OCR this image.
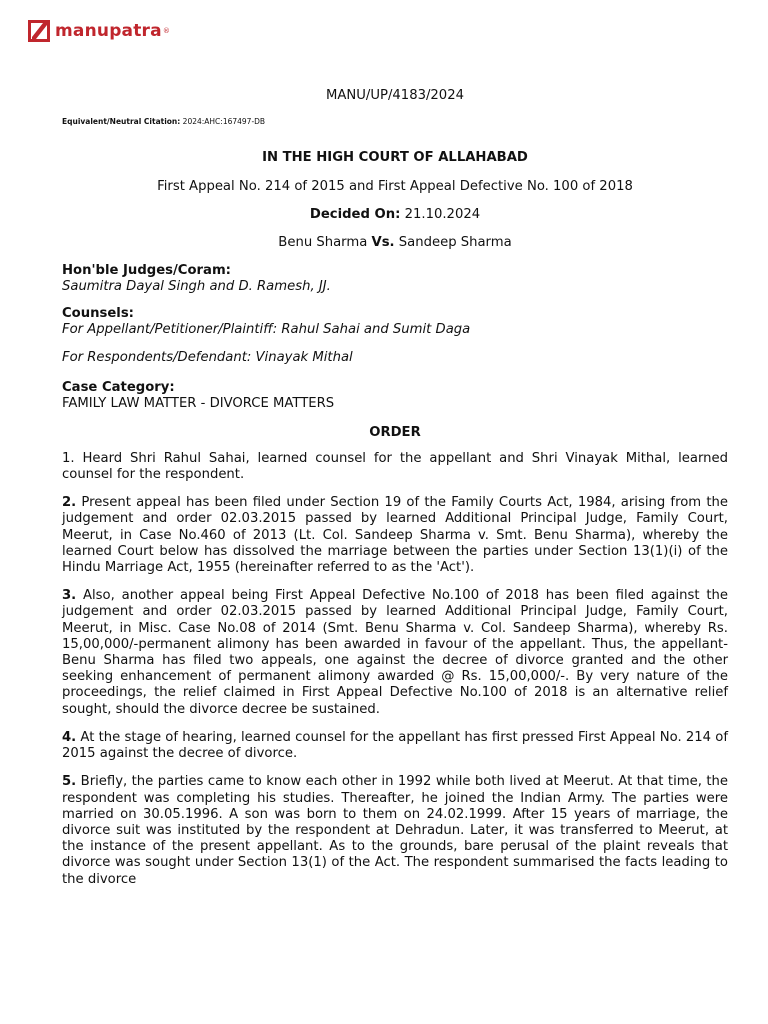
manupatra ®
MANU/UP/4183/2024
Equivalent/Neutral Citation: 2024:AHC:167497-DB
IN THE HIGH COURT OF ALLAHABAD
First Appeal No. 214 of 2015 and First Appeal Defective No. 100 of 2018
Decided On: 21.10.2024
Benu Sharma Vs. Sandeep Sharma
Hon'ble Judges/Coram:
Saumitra Dayal Singh and D. Ramesh, JJ.
Counsels:
For Appellant/Petitioner/Plaintiff: Rahul Sahai and Sumit Daga
For Respondents/Defendant: Vinayak Mithal
Case Category:
FAMILY LAW MATTER - DIVORCE MATTERS
ORDER

1. Heard Shri Rahul Sahai, learned counsel for the appellant and Shri Vinayak Mithal, learned counsel for the respondent.

2. Present appeal has been filed under Section 19 of the Family Courts Act, 1984, arising from the judgement and order 02.03.2015 passed by learned Additional Principal Judge, Family Court, Meerut, in Case No.460 of 2013 (Lt. Col. Sandeep Sharma v. Smt. Benu Sharma), whereby the learned Court below has dissolved the marriage between the parties under Section 13(1)(i) of the Hindu Marriage Act, 1955 (hereinafter referred to as the 'Act').

3. Also, another appeal being First Appeal Defective No.100 of 2018 has been filed against the judgement and order 02.03.2015 passed by learned Additional Principal Judge, Family Court, Meerut, in Misc. Case No.08 of 2014 (Smt. Benu Sharma v. Col. Sandeep Sharma), whereby Rs. 15,00,000/-permanent alimony has been awarded in favour of the appellant. Thus, the appellant-Benu Sharma has filed two appeals, one against the decree of divorce granted and the other seeking enhancement of permanent alimony awarded @ Rs. 15,00,000/-. By very nature of the proceedings, the relief claimed in First Appeal Defective No.100 of 2018 is an alternative relief sought, should the divorce decree be sustained.

4. At the stage of hearing, learned counsel for the appellant has first pressed First Appeal No. 214 of 2015 against the decree of divorce.

5. Briefly, the parties came to know each other in 1992 while both lived at Meerut. At that time, the respondent was completing his studies. Thereafter, he joined the Indian Army. The parties were married on 30.05.1996. A son was born to them on 24.02.1999. After 15 years of marriage, the divorce suit was instituted by the respondent at Dehradun. Later, it was transferred to Meerut, at the instance of the present appellant. As to the grounds, bare perusal of the plaint reveals that divorce was sought under Section 13(1) of the Act. The respondent summarised the facts leading to the divorce
